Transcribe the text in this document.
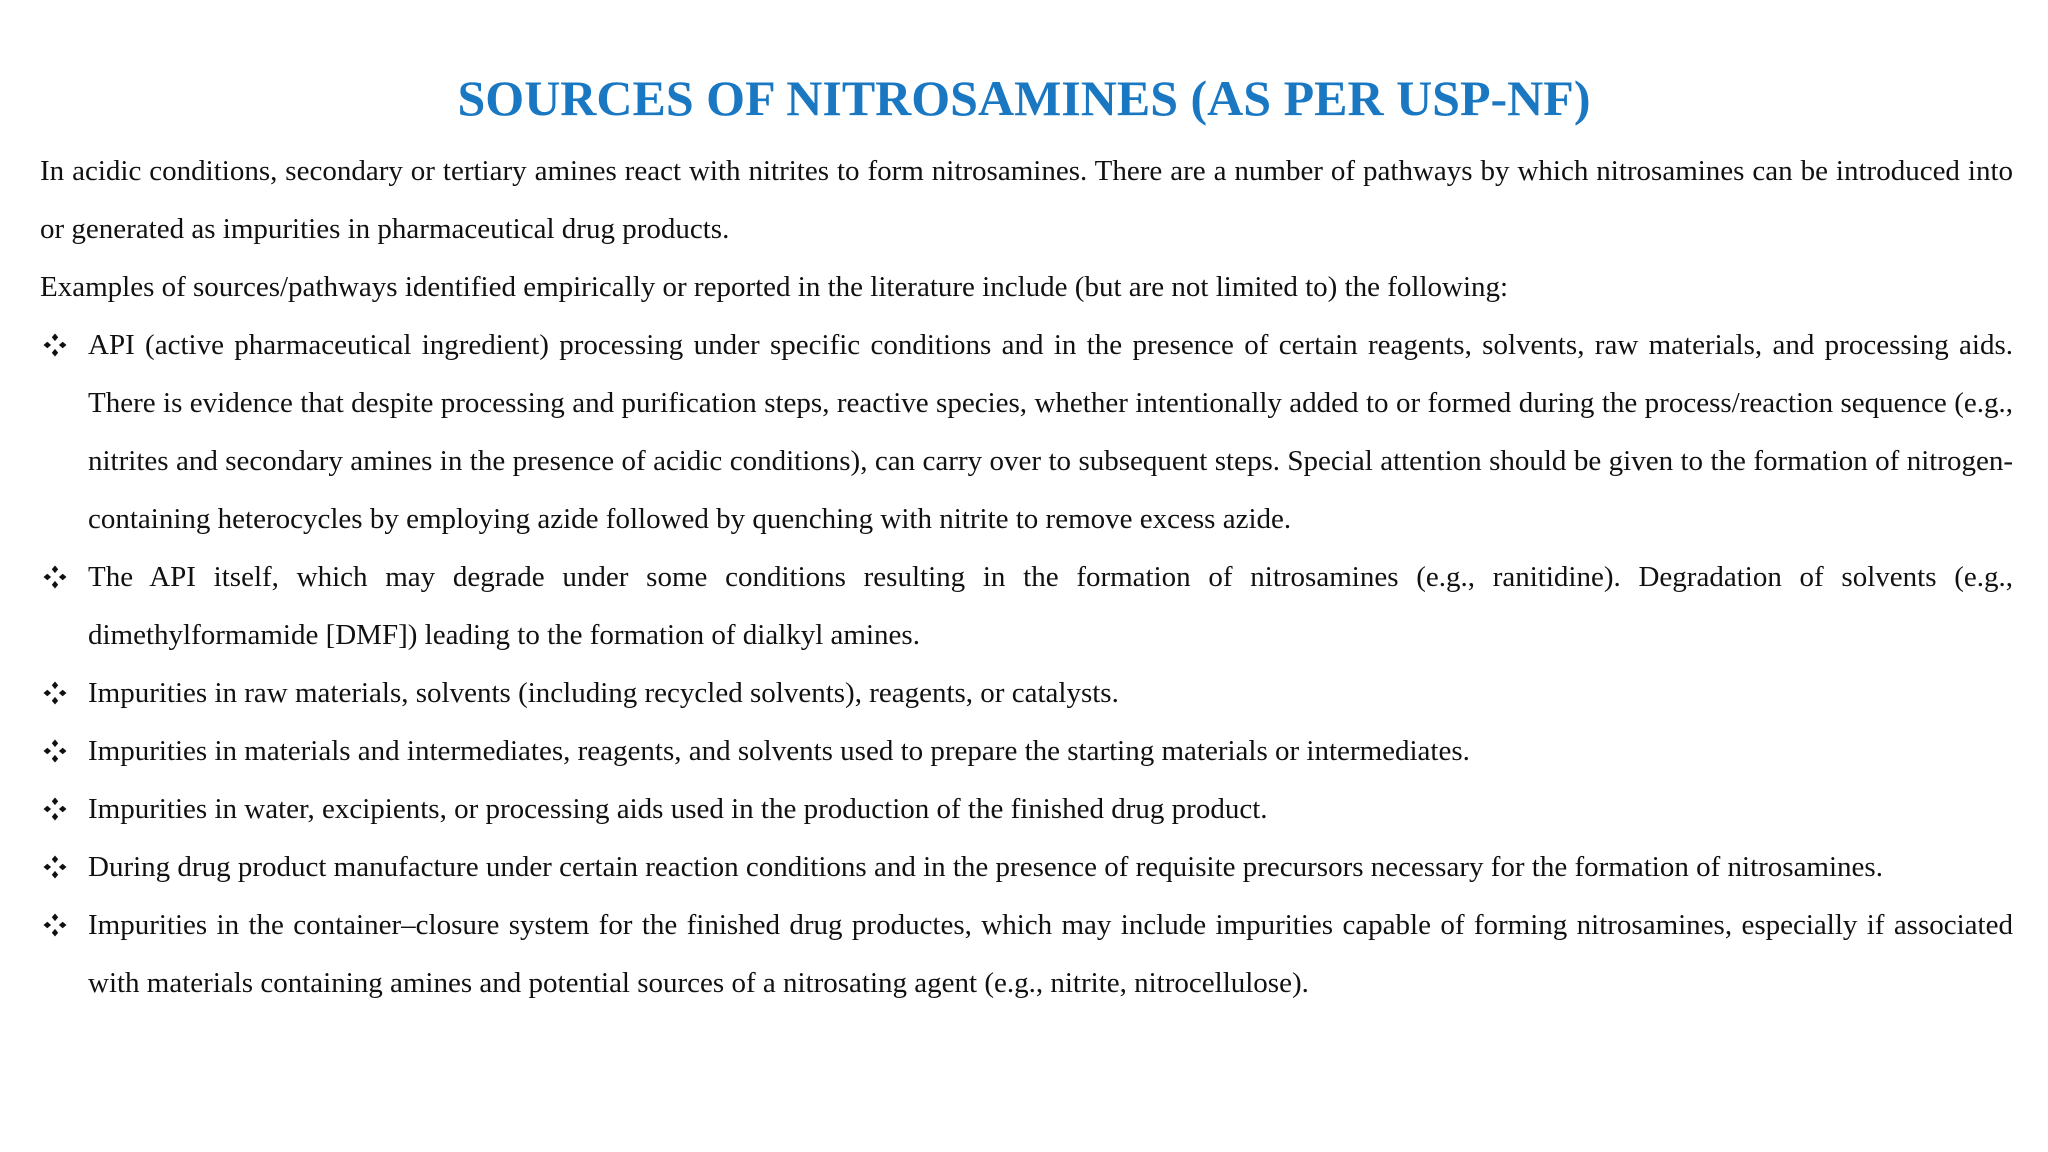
SOURCES OF NITROSAMINES (AS PER USP-NF)

In acidic conditions, secondary or tertiary amines react with nitrites to form nitrosamines. There are a number of pathways by which nitrosamines can be introduced into or generated as impurities in pharmaceutical drug products.

Examples of sources/pathways identified empirically or reported in the literature include (but are not limited to) the following:

API (active pharmaceutical ingredient) processing under specific conditions and in the presence of certain reagents, solvents, raw materials, and processing aids. There is evidence that despite processing and purification steps, reactive species, whether intentionally added to or formed during the process/reaction sequence (e.g., nitrites and secondary amines in the presence of acidic conditions), can carry over to subsequent steps. Special attention should be given to the formation of nitrogen-containing heterocycles by employing azide followed by quenching with nitrite to remove excess azide.
The API itself, which may degrade under some conditions resulting in the formation of nitrosamines (e.g., ranitidine). Degradation of solvents (e.g., dimethylformamide [DMF]) leading to the formation of dialkyl amines.
Impurities in raw materials, solvents (including recycled solvents), reagents, or catalysts.
Impurities in materials and intermediates, reagents, and solvents used to prepare the starting materials or intermediates.
Impurities in water, excipients, or processing aids used in the production of the finished drug product.
During drug product manufacture under certain reaction conditions and in the presence of requisite precursors necessary for the formation of nitrosamines.
Impurities in the container–closure system for the finished drug productes, which may include impurities capable of forming nitrosamines, especially if associated with materials containing amines and potential sources of a nitrosating agent (e.g., nitrite, nitrocellulose).
